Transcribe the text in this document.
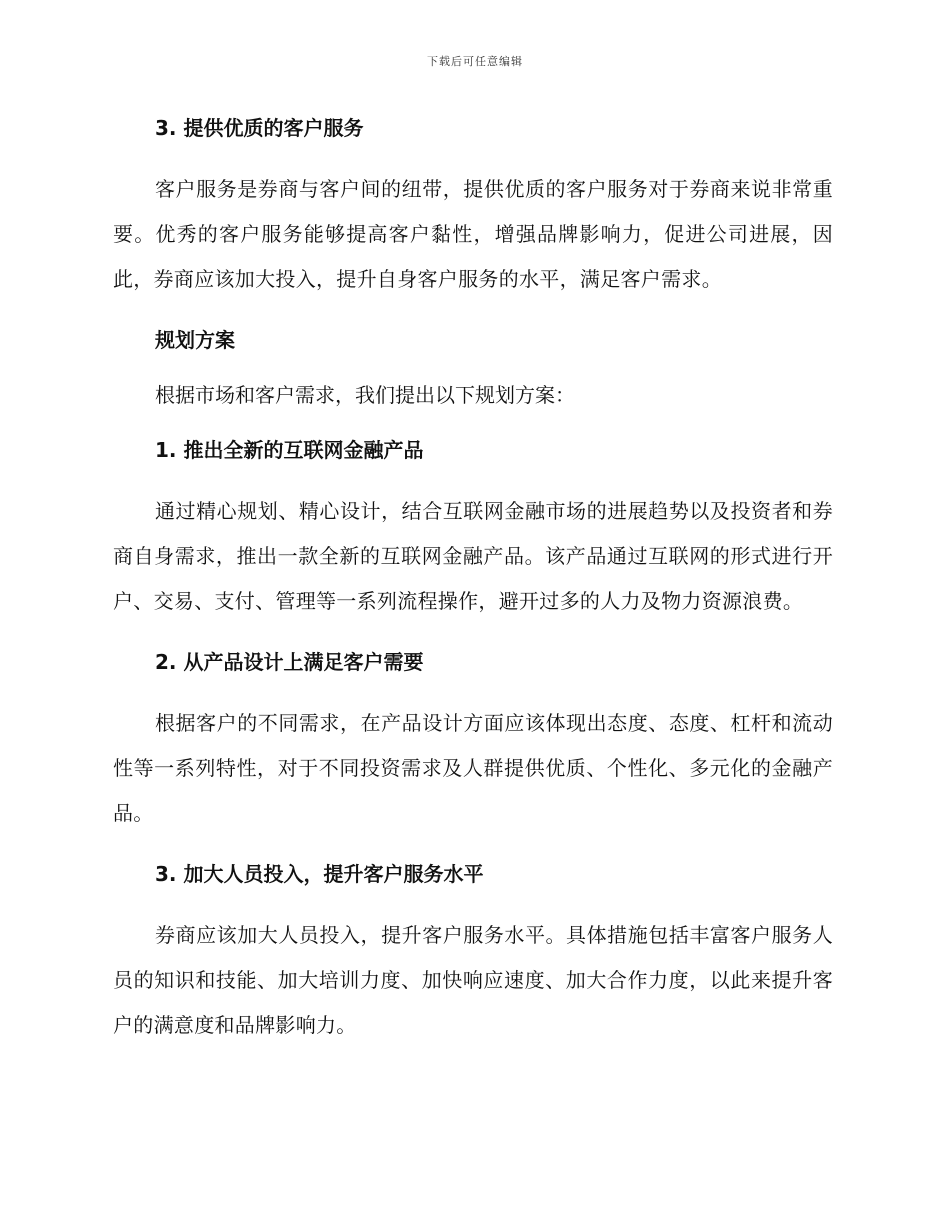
下载后可任意编辑
3. 提供优质的客户服务

客户服务是券商与客户间的纽带，提供优质的客户服务对于券商来说非常重要。优秀的客户服务能够提高客户黏性，增强品牌影响力，促进公司进展，因此，券商应该加大投入，提升自身客户服务的水平，满足客户需求。

规划方案

根据市场和客户需求，我们提出以下规划方案：

1. 推出全新的互联网金融产品

通过精心规划、精心设计，结合互联网金融市场的进展趋势以及投资者和券商自身需求，推出一款全新的互联网金融产品。该产品通过互联网的形式进行开户、交易、支付、管理等一系列流程操作，避开过多的人力及物力资源浪费。

2. 从产品设计上满足客户需要

根据客户的不同需求，在产品设计方面应该体现出态度、态度、杠杆和流动性等一系列特性，对于不同投资需求及人群提供优质、个性化、多元化的金融产品。

3. 加大人员投入，提升客户服务水平

券商应该加大人员投入，提升客户服务水平。具体措施包括丰富客户服务人员的知识和技能、加大培训力度、加快响应速度、加大合作力度，以此来提升客户的满意度和品牌影响力。
